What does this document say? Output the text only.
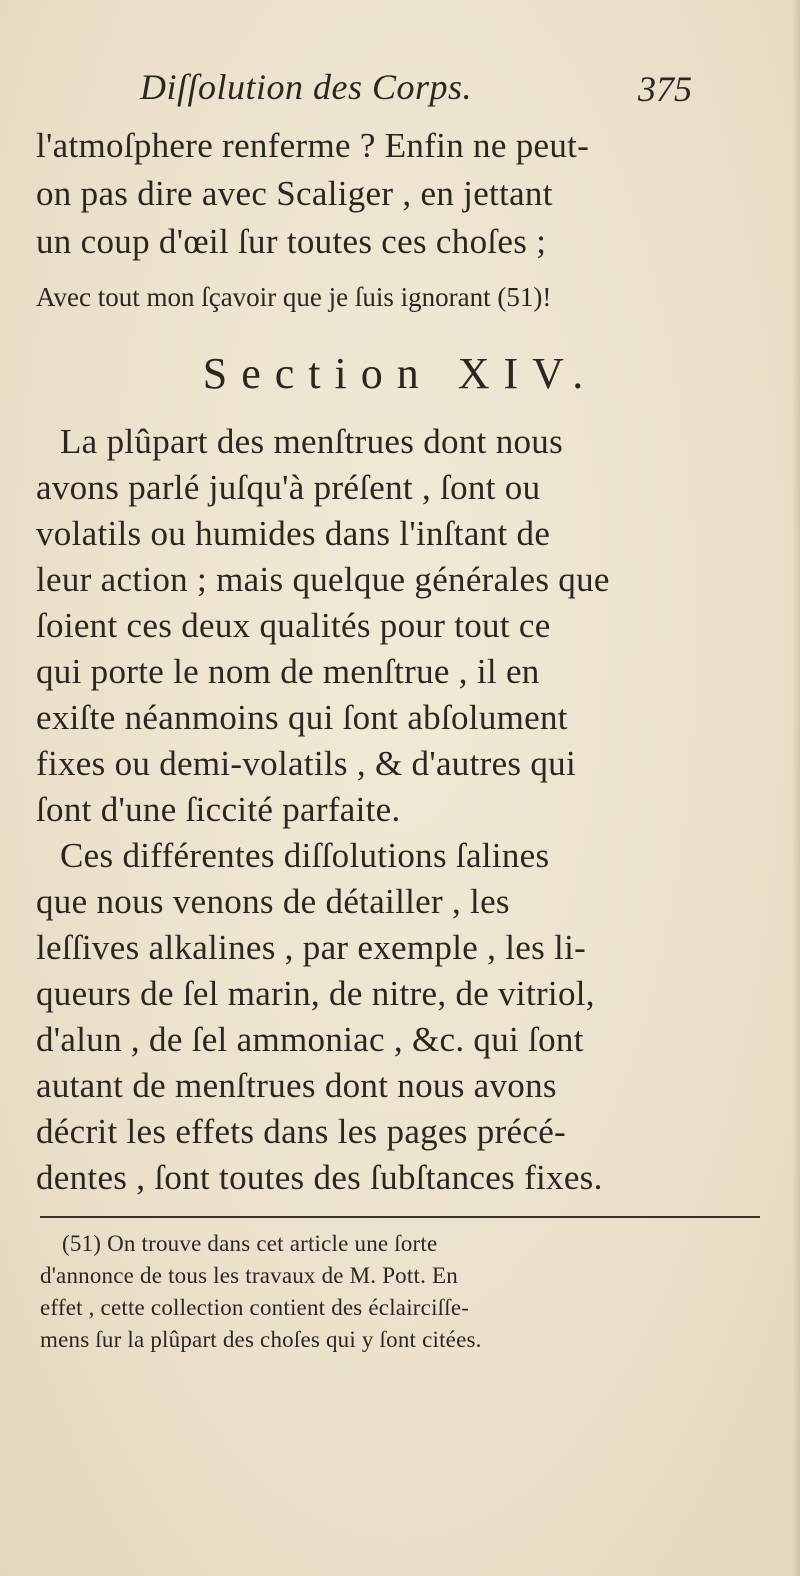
Diſſolution des Corps.	375
l'atmoſphere renferme ? Enfin ne peut-
on pas dire avec Scaliger , en jettant
un coup d'œil ſur toutes ces choſes ;
Avec tout mon ſçavoir que je ſuis ignorant (51)!
Section XIV.
La plûpart des menſtrues dont nous
avons parlé juſqu'à préſent , ſont ou
volatils ou humides dans l'inſtant de
leur action ; mais quelque générales que
ſoient ces deux qualités pour tout ce
qui porte le nom de menſtrue , il en
exiſte néanmoins qui ſont abſolument
fixes ou demi-volatils , & d'autres qui
ſont d'une ſiccité parfaite.
Ces différentes diſſolutions ſalines
que nous venons de détailler , les
leſſives alkalines , par exemple , les li-
queurs de ſel marin, de nitre, de vitriol,
d'alun , de ſel ammoniac , &c. qui ſont
autant de menſtrues dont nous avons
décrit les effets dans les pages précé-
dentes , ſont toutes des ſubſtances fixes.
(51) On trouve dans cet article une ſorte
d'annonce de tous les travaux de M. Pott. En
effet , cette collection contient des éclairciſſe-
mens ſur la plûpart des choſes qui y ſont citées.
